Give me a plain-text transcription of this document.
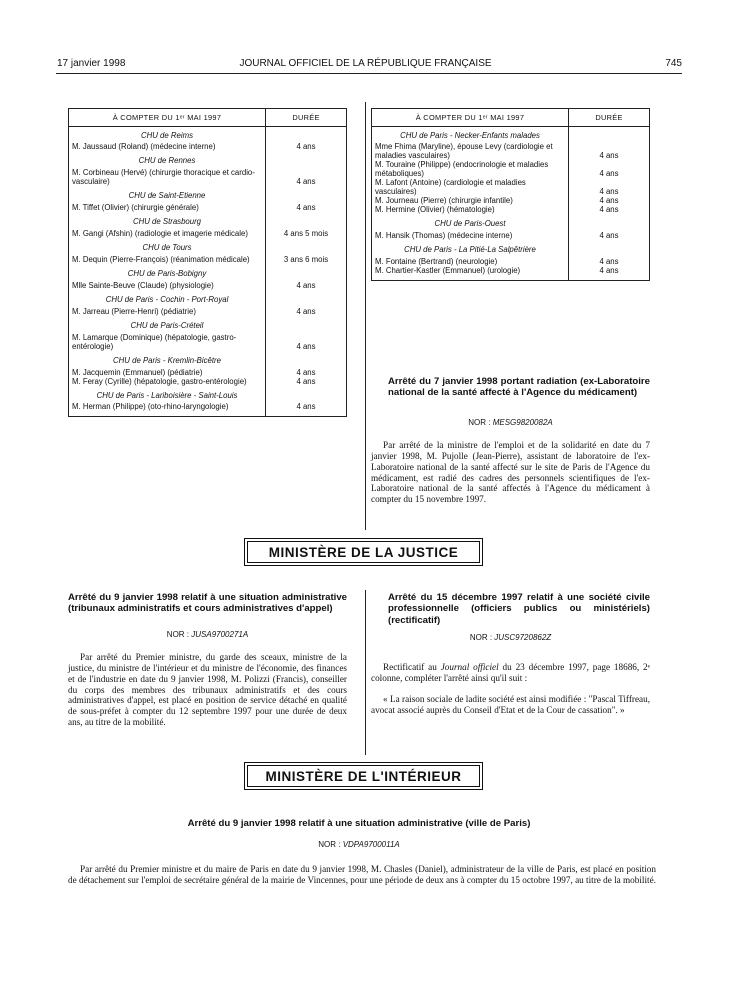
17 janvier 1998	JOURNAL OFFICIEL DE LA RÉPUBLIQUE FRANÇAISE	745
À COMPTER DU 1ᵉʳ MAI 1997	DURÉE
CHU de Reims	
M. Jaussaud (Roland) (médecine interne)	4 ans
CHU de Rennes	
M. Corbineau (Hervé) (chirurgie thoracique et cardio-vasculaire)	4 ans
CHU de Saint-Etienne	
M. Tiffet (Olivier) (chirurgie générale)	4 ans
CHU de Strasbourg	
M. Gangi (Afshin) (radiologie et imagerie médicale)	4 ans 5 mois
CHU de Tours	
M. Dequin (Pierre-François) (réanimation médicale)	3 ans 6 mois
CHU de Paris-Bobigny	
Mlle Sainte-Beuve (Claude) (physiologie)	4 ans
CHU de Paris - Cochin - Port-Royal	
M. Jarreau (Pierre-Henri) (pédiatrie)	4 ans
CHU de Paris-Créteil	
M. Lamarque (Dominique) (hépatologie, gastro-entérologie)	4 ans
CHU de Paris - Kremlin-Bicêtre	
M. Jacquemin (Emmanuel) (pédiatrie)	4 ans
M. Feray (Cyrille) (hépatologie, gastro-entérologie)	4 ans
CHU de Paris - Lariboisière - Saint-Louis	
M. Herman (Philippe) (oto-rhino-laryngologie)	4 ans
À COMPTER DU 1ᵉʳ MAI 1997	DURÉE
CHU de Paris - Necker-Enfants malades	
Mme Fhima (Maryline), épouse Levy (cardiologie et maladies vasculaires)	4 ans
M. Touraine (Philippe) (endocrinologie et maladies métaboliques)	4 ans
M. Lafont (Antoine) (cardiologie et maladies vasculaires)	4 ans
M. Journeau (Pierre) (chirurgie infantile)	4 ans
M. Hermine (Olivier) (hématologie)	4 ans
CHU de Paris-Ouest	
M. Hansik (Thomas) (médecine interne)	4 ans
CHU de Paris - La Pitié-La Salpêtrière	
M. Fontaine (Bertrand) (neurologie)	4 ans
M. Chartier-Kastler (Emmanuel) (urologie)	4 ans
Arrêté du 7 janvier 1998 portant radiation (ex-Laboratoire national de la santé affecté à l'Agence du médicament)
NOR : MESG9820082A
Par arrêté de la ministre de l'emploi et de la solidarité en date du 7 janvier 1998, M. Pujolle (Jean-Pierre), assistant de laboratoire de l'ex-Laboratoire national de la santé affecté sur le site de Paris de l'Agence du médicament, est radié des cadres des personnels scientifiques de l'ex-Laboratoire national de la santé affectés à l'Agence du médicament à compter du 15 novembre 1997.
MINISTÈRE DE LA JUSTICE
Arrêté du 9 janvier 1998 relatif à une situation administrative (tribunaux administratifs et cours administratives d'appel)
NOR : JUSA9700271A
Par arrêté du Premier ministre, du garde des sceaux, ministre de la justice, du ministre de l'intérieur et du ministre de l'économie, des finances et de l'industrie en date du 9 janvier 1998, M. Polizzi (Francis), conseiller du corps des membres des tribunaux administratifs et des cours administratives d'appel, est placé en position de service détaché en qualité de sous-préfet à compter du 12 septembre 1997 pour une durée de deux ans, au titre de la mobilité.
Arrêté du 15 décembre 1997 relatif à une société civile professionnelle (officiers publics ou ministériels) (rectificatif)
NOR : JUSC9720862Z
Rectificatif au Journal officiel du 23 décembre 1997, page 18686, 2ᵉ colonne, compléter l'arrêté ainsi qu'il suit :
« La raison sociale de ladite société est ainsi modifiée : "Pascal Tiffreau, avocat associé auprès du Conseil d'Etat et de la Cour de cassation". »
MINISTÈRE DE L'INTÉRIEUR
Arrêté du 9 janvier 1998 relatif à une situation administrative (ville de Paris)
NOR : VDPA9700011A
Par arrêté du Premier ministre et du maire de Paris en date du 9 janvier 1998, M. Chasles (Daniel), administrateur de la ville de Paris, est placé en position de détachement sur l'emploi de secrétaire général de la mairie de Vincennes, pour une période de deux ans à compter du 15 octobre 1997, au titre de la mobilité.
